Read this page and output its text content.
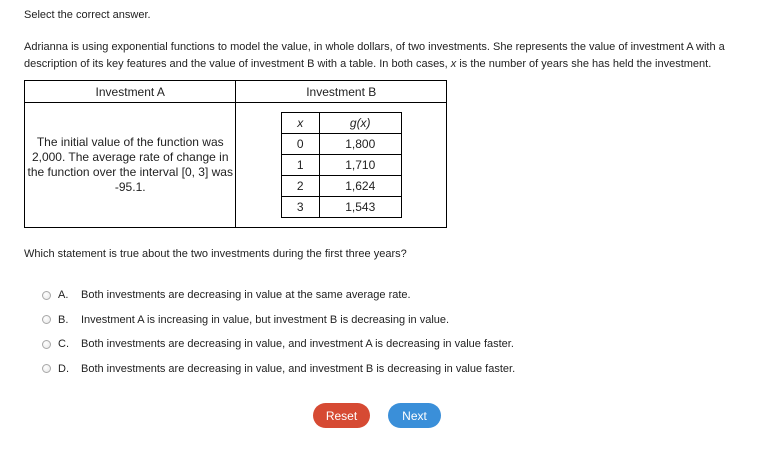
Select the correct answer.
Adrianna is using exponential functions to model the value, in whole dollars, of two investments. She represents the value of investment A with a description of its key features and the value of investment B with a table. In both cases, x is the number of years she has held the investment.
Investment A	Investment B
The initial value of the function was 2,000. The average rate of change in the function over the interval [0, 3] was -95.1.	
x	g(x)
0	1,800
1	1,710
2	1,624
3	1,543
Which statement is true about the two investments during the first three years?
A.	Both investments are decreasing in value at the same average rate.
B.	Investment A is increasing in value, but investment B is decreasing in value.
C.	Both investments are decreasing in value, and investment A is decreasing in value faster.
D.	Both investments are decreasing in value, and investment B is decreasing in value faster.
Reset	Next
